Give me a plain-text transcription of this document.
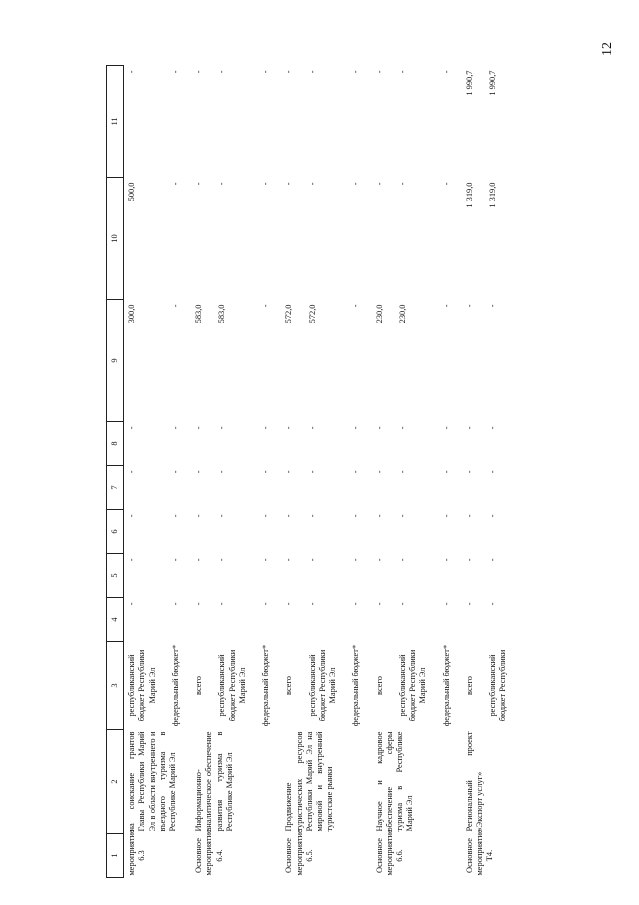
12
1	2	3	4	5	6	7	8	9	10	11
мероприятие 6.3	на соискание грантов Главы Республики Марий Эл в области внутреннего и въездного туризма в Республике Марий Эл	республиканский бюджет Республики Марий Эл	-	-	-	-	-	300,0	500,0	-
		федеральный бюджет*	-	-	-	-	-	-	-	-
Основное мероприятие 6.4.	Информационно-аналитическое обеспечение развития туризма в Республике Марий Эл	всего	-	-	-	-	-	583,0	-	-
		республиканский бюджет Республики Марий Эл	-	-	-	-	-	583,0	-	-
		федеральный бюджет*	-	-	-	-	-	-	-	-
Основное мероприятие 6.5.	Продвижение туристических ресурсов Республики Марий Эл на мировой и внутренний туристские рынки	всего	-	-	-	-	-	572,0	-	-
		республиканский бюджет Республики Марий Эл	-	-	-	-	-	572,0	-	-
		федеральный бюджет*	-	-	-	-	-	-	-	-
Основное мероприятие 6.6.	Научное и кадровое обеспечение сферы туризма в Республике Марий Эл	всего	-	-	-	-	-	230,0	-	-
		республиканский бюджет Республики Марий Эл	-	-	-	-	-	230,0	-	-
		федеральный бюджет*	-	-	-	-	-	-	-	-
Основное мероприятие Т4.	Региональный проект «Экспорт услуг»	всего	-	-	-	-	-	-	1 319,0	1 990,7
		республиканский бюджет Республики	-	-	-	-	-	-	1 319,0	1 990,7
